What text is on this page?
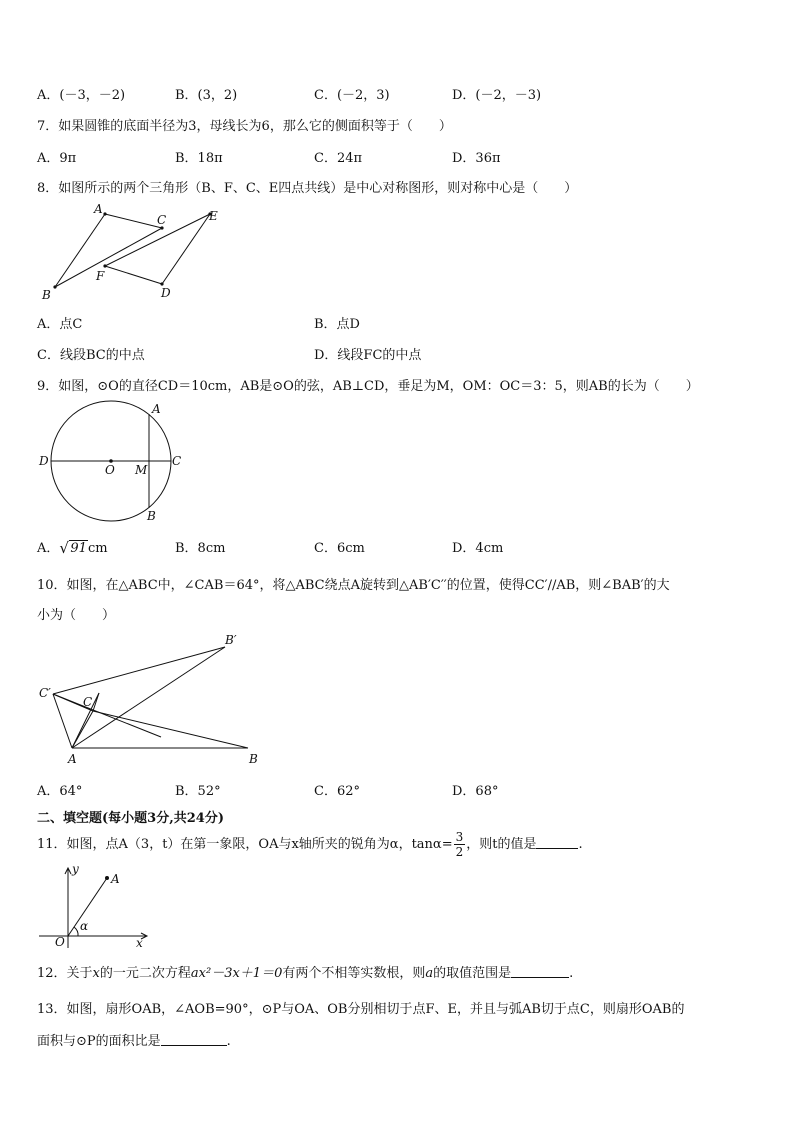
A．(－3，－2)	B．(3，2)	C．(－2，3)	D．(－2，－3)
7．如果圆锥的底面半径为3，母线长为6，那么它的侧面积等于（　　）
A．9π	B．18π	C．24π	D．36π
8．如图所示的两个三角形（B、F、C、E四点共线）是中心对称图形，则对称中心是（　　）
A
C	E
F
B	D
A．点C	B．点D
C．线段BC的中点	D．线段FC的中点
9．如图，⊙O的直径CD＝10cm，AB是⊙O的弦，AB⊥CD，垂足为M，OM：OC＝3：5，则AB的长为（　　）
A
D
O M
C
B
A． √ 91cm	B．8cm	C．6cm	D．4cm
10．如图，在△ABC中，∠CAB＝64°，将△ABC绕点A旋转到△AB′C′′的位置，使得CC′//AB，则∠BAB′的大
小为（　　）
B′
C′
C
A	B
A．64°	B．52°	C．62°	D．68°
二、填空题(每小题3分,共24分)
11．如图，点A（3，t）在第一象限，OA与x轴所夹的锐角为α，$\tan\alpha= \frac{3}{2}$ ，则t的值是	.
y
A
α
O	x
12．关于x的一元二次方程ax²－3x＋1＝0有两个不相等实数根，则a的取值范围是	.
13．如图，扇形OAB，∠AOB=90°，⊙P与OA、OB分别相切于点F、E，并且与弧AB切于点C，则扇形OAB的
面积与⊙P的面积比是	.
